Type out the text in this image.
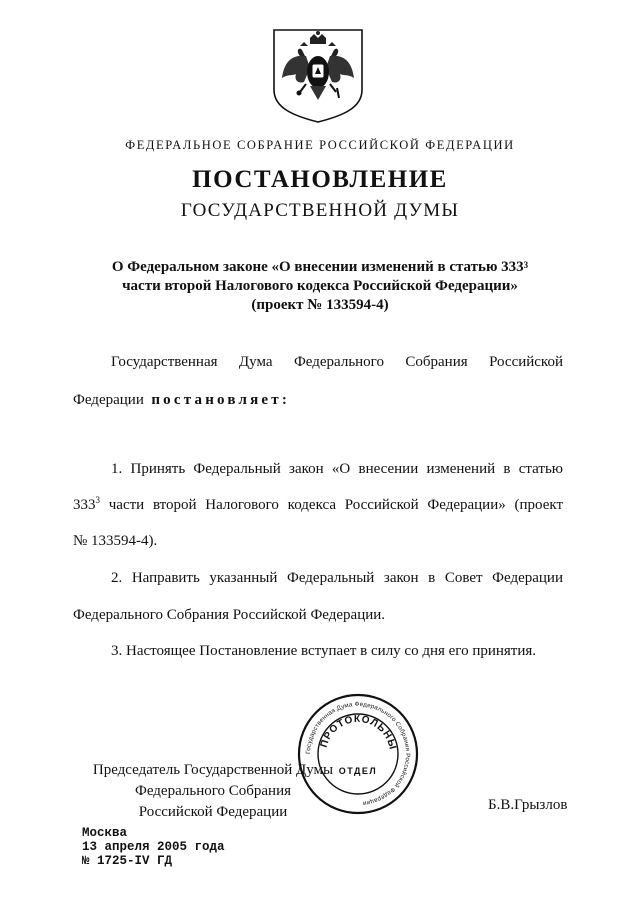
ФЕДЕРАЛЬНОЕ СОБРАНИЕ РОССИЙСКОЙ ФЕДЕРАЦИИ
ПОСТАНОВЛЕНИЕ
ГОСУДАРСТВЕННОЙ ДУМЫ
О Федеральном законе «О внесении изменений в статью $333^3$
части второй Налогового кодекса Российской Федерации»
(проект № 133594-4)
Государственная Дума Федерального Собрания Российской
Федерации постановляет:
1. Принять Федеральный закон «О внесении изменений в статью
$333^3$ части второй Налогового кодекса Российской Федерации» (проект
№ 133594-4).
2. Направить указанный Федеральный закон в Совет Федерации
Федерального Собрания Российской Федерации.
3. Настоящее Постановление вступает в силу со дня его принятия.
Председатель Государственной Думы
Федерального Собрания
Российской Федерации
Государственная Дума Федерального Собрания Российской Федерации
ПРОТОКОЛЬНЫ
ОТДЕЛ
Б.В.Грызлов
Москва
13 апреля 2005 года
№ 1725-IV ГД
